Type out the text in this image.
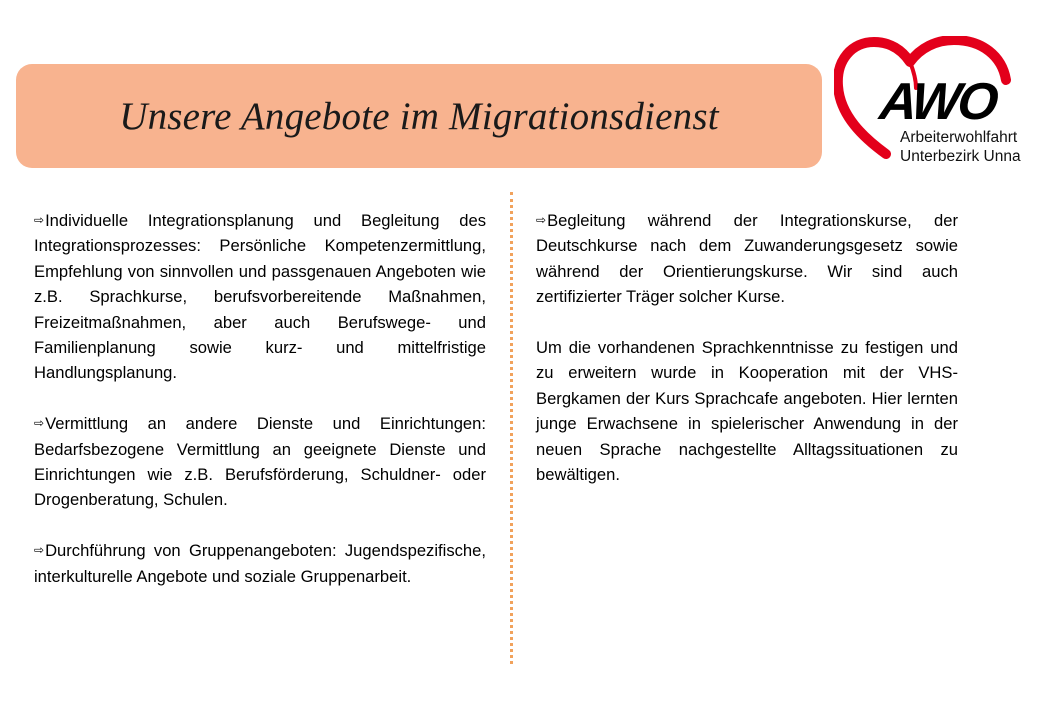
Unsere Angebote im Migrationsdienst	AWO
Arbeiterwohlfahrt
Unterbezirk Unna

⇨Individuelle Integrationsplanung und Begleitung des Integrationsprozesses: Persönliche Kompetenzermittlung, Empfehlung von sinnvollen und passgenauen Angeboten wie z.B. Sprachkurse, berufsvorbereitende Maßnahmen, Freizeitmaßnahmen, aber auch Berufswege- und Familienplanung sowie kurz- und mittelfristige Handlungsplanung.

⇨Vermittlung an andere Dienste und Einrichtungen: Bedarfsbezogene Vermittlung an geeignete Dienste und Einrichtungen wie z.B. Berufsförderung, Schuldner- oder Drogenberatung, Schulen.

⇨Durchführung von Gruppenangeboten: Jugendspezifische, interkulturelle Angebote und soziale Gruppenarbeit.

⇨Begleitung während der Integrationskurse, der Deutschkurse nach dem Zuwanderungsgesetz sowie während der Orientierungskurse. Wir sind auch zertifizierter Träger solcher Kurse.

Um die vorhandenen Sprachkenntnisse zu festigen und zu erweitern wurde in Kooperation mit der VHS-Bergkamen der Kurs Sprachcafe angeboten. Hier lernten junge Erwachsene in spielerischer Anwendung in der neuen Sprache nachgestellte Alltagssituationen zu bewältigen.
